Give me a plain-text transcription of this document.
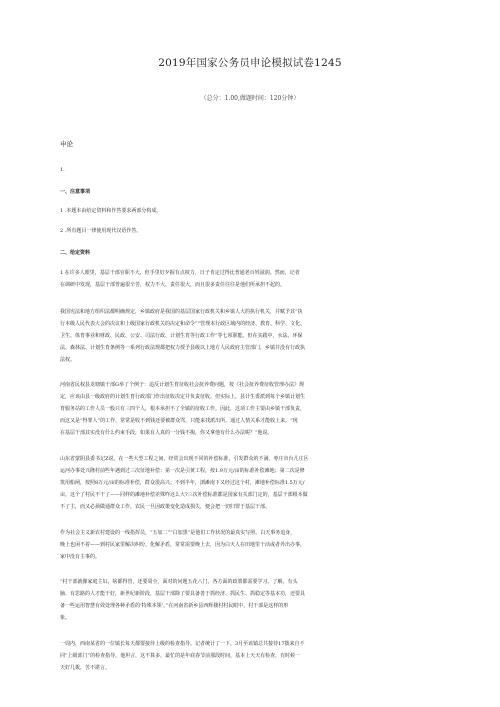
2019年国家公务员申论模拟试卷1245
（总分：1.00,做题时间：120分钟）
申论
1.
一、注意事项
1 .本题本由给定资料和作答要求两部分构成。
2 .所有题目一律使用现代汉语作答。
二、给定资料
1 在许多人眼里，基层干部官职不大，但手里好歹握有点权力，日子肯定过得比普通老百姓滋润。然而，记者
在调研中发现，基层干部普遍很辛苦，权力不大，责任很大，而且很多责任往往是他们所承担不起的。
我国宪法和地方组织法都明确规定，乡镇政府是我国的基层国家行政机关和乡镇人大的执行机关，并赋予其“执
行本级人民代表大会的决议和上级国家行政机关的决定和命令”“管理本行政区域内的经济、教育、科学、文化、
卫生、体育事业和财政、民政、公安、司法行政、计划生育等行政工作”等七项职能。但在实践中，水法、环保
法、森林法、计划生育条例等一系列行政法规都把权力授予县级以上地方人民政府主管部门，乡镇并没有行政执
法权。
河南省民权县龙塘镇干部G举了个例子：违反计划生育征收社会抚养费问题，按《社会抚养费征收管理办法》规
定，应该由县一级政府的计划生育行政部门作出征收决定并负责征收。但实际上，县计生委派到每个乡镇计划生
育服务站的工作人员一般只有三四个人，根本承担不了全镇的征收工作。因此，这项工作主要由乡镇干部负责，
而这又是“得罪人”的工作，常常是收不到钱还要被群众骂，只能来找派出所。通过人情关系才能收上来。“现
在基层干部其实没有什么约束手段，如果有人真的一分钱不掏，你又拿他有什么办法呢？”他说。
山东省蒙阴县委书记Z说，在一些大型工程之间，经常会出现不同的补偿标准，引发群众的不满。枣庄市台儿庄区
运河办事处兴隆村前些年遇到过三次征地补偿：第一次是引黄工程，按1.9万元/亩的标准补偿滩地；第二次是修
筑用船闸，按照8万元/亩的标准补偿，群众很高兴；不到半年，浏滩南下又经过这个村，滩地补偿标准1.5万元/
亩。这个了村民不干了——同样的滩地补偿差殊咋这么大?三次补偿标准都是国家有关部门定的，基层干部根本做
不了主，而又必须做通群众工作。农民一旦因政策变化造成损失，便会把一切归罪于基层干部。
作为社会主义新农村建设的一线指挥员，“五加二”“白加黑”是他们工作状况的最真实写照。白天事务追身，
晚上也闲不着——到村民家里解决纠纷、化解矛盾，常常需要晚上去，因为白天人在田地里干活或者外出办事，
家中没有主事的。
“村干部就像家庭主妇，啥都得管，还要周全。面对的问题五花八门，各方面的政策都需要学习、了解，有头
脑、有思路的人才能干好，新世纪新阶段，基层干部除了要具备善于抓经济、抓民生、抓稳定等基本功，还要具
备一些运用智慧有效处理各种矛盾的‘特殊本领’。”在河南省新乡县西辉楼村村民眼中，村干部是这样的形
象。
一周内，西南某省的一位镇长每天都要接待上级的检查指导。记者统计了一下，3月至该镇总共接待17拨来自不
同“上级部门”的检查指导，他坦言，这不算多，最忙的是年底春节前那段时间，基本上天天有检查，有时候一
天好几拨，苦不堪言。
